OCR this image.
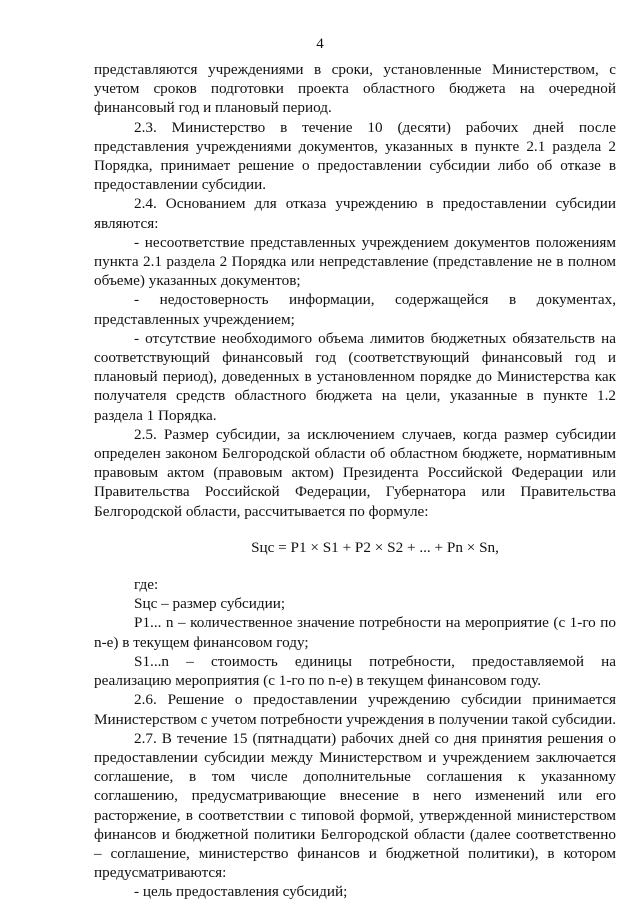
4

представляются учреждениями в сроки, установленные Министерством, с учетом сроков подготовки проекта областного бюджета на очередной финансовый год и плановый период.

2.3. Министерство в течение 10 (десяти) рабочих дней после представления учреждениями документов, указанных в пункте 2.1 раздела 2 Порядка, принимает решение о предоставлении субсидии либо об отказе в предоставлении субсидии.

2.4. Основанием для отказа учреждению в предоставлении субсидии являются:

- несоответствие представленных учреждением документов положениям пункта 2.1 раздела 2 Порядка или непредставление (представление не в полном объеме) указанных документов;

- недостоверность информации, содержащейся в документах, представленных учреждением;

- отсутствие необходимого объема лимитов бюджетных обязательств на соответствующий финансовый год (соответствующий финансовый год и плановый период), доведенных в установленном порядке до Министерства как получателя средств областного бюджета на цели, указанные в пункте 1.2 раздела 1 Порядка.

2.5. Размер субсидии, за исключением случаев, когда размер субсидии определен законом Белгородской области об областном бюджете, нормативным правовым актом (правовым актом) Президента Российской Федерации или Правительства Российской Федерации, Губернатора или Правительства Белгородской области, рассчитывается по формуле:

Sцс = P1 × S1 + P2 × S2 + ... + Pn × Sn,

где:

Sцс – размер субсидии;

P1... n – количественное значение потребности на мероприятие (с 1-го по n-е) в текущем финансовом году;

S1...n – стоимость единицы потребности, предоставляемой на реализацию мероприятия (с 1-го по n-е) в текущем финансовом году.

2.6. Решение о предоставлении учреждению субсидии принимается Министерством с учетом потребности учреждения в получении такой субсидии.

2.7. В течение 15 (пятнадцати) рабочих дней со дня принятия решения о предоставлении субсидии между Министерством и учреждением заключается соглашение, в том числе дополнительные соглашения к указанному соглашению, предусматривающие внесение в него изменений или его расторжение, в соответствии с типовой формой, утвержденной министерством финансов и бюджетной политики Белгородской области (далее соответственно – соглашение, министерство финансов и бюджетной политики), в котором предусматриваются:

- цель предоставления субсидий;
